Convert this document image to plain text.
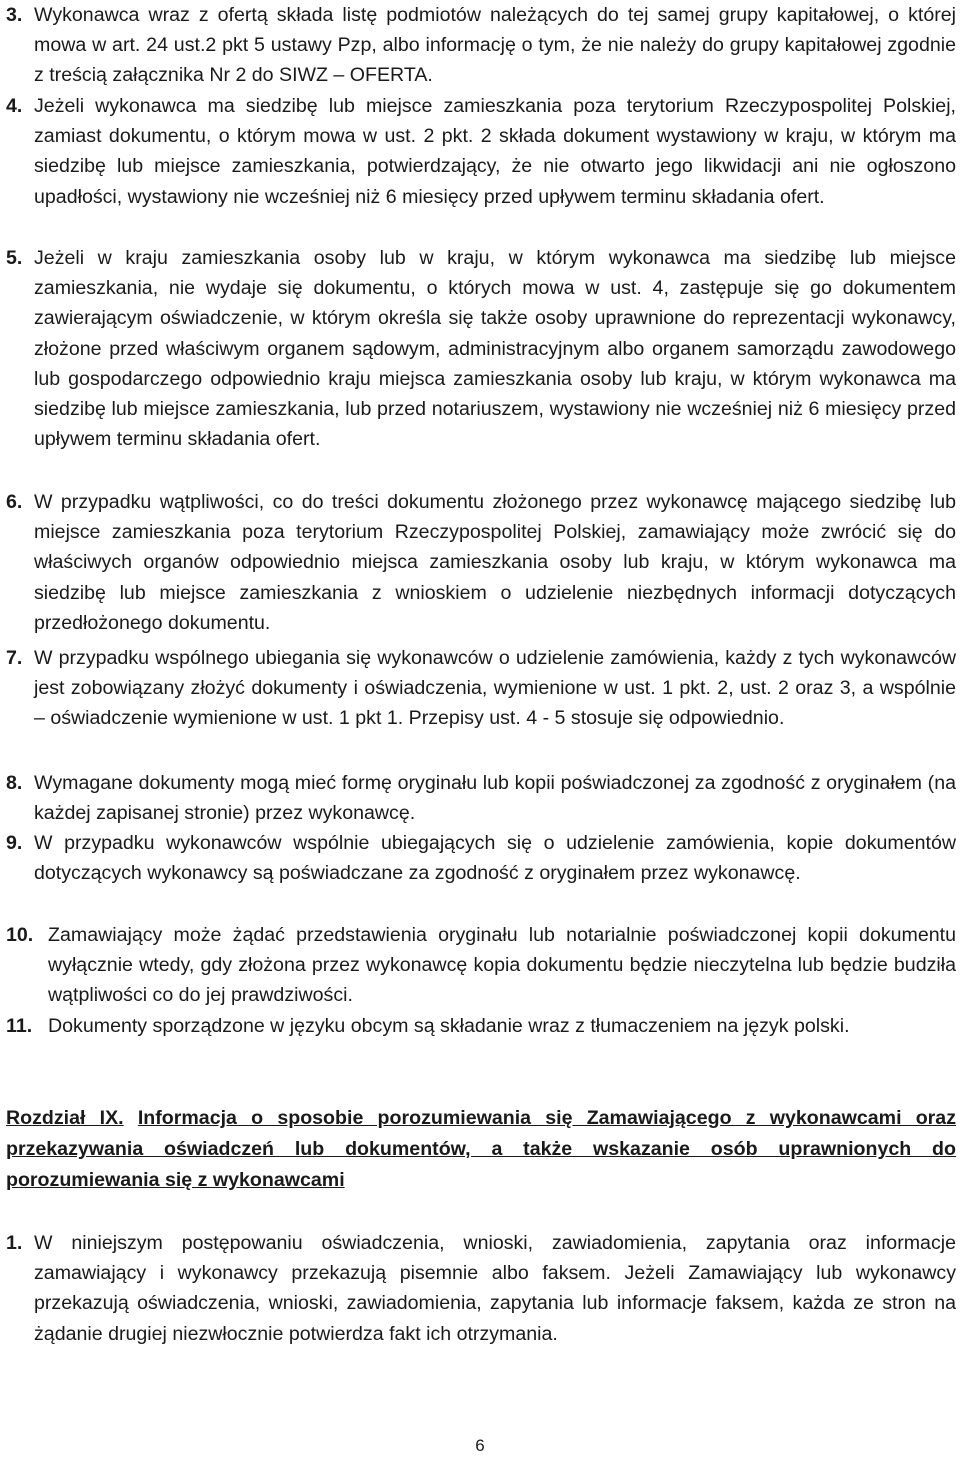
3. Wykonawca wraz z ofertą składa listę podmiotów należących do tej samej grupy kapitałowej, o której mowa w art. 24 ust.2 pkt 5 ustawy Pzp, albo informację o tym, że nie należy do grupy kapitałowej zgodnie z treścią załącznika Nr 2 do SIWZ – OFERTA.
4. Jeżeli wykonawca ma siedzibę lub miejsce zamieszkania poza terytorium Rzeczypospolitej Polskiej, zamiast dokumentu, o którym mowa w ust. 2 pkt. 2 składa dokument wystawiony w kraju, w którym ma siedzibę lub miejsce zamieszkania, potwierdzający, że nie otwarto jego likwidacji ani nie ogłoszono upadłości, wystawiony nie wcześniej niż 6 miesięcy przed upływem terminu składania ofert.
5. Jeżeli w kraju zamieszkania osoby lub w kraju, w którym wykonawca ma siedzibę lub miejsce zamieszkania, nie wydaje się dokumentu, o których mowa w ust. 4, zastępuje się go dokumentem zawierającym oświadczenie, w którym określa się także osoby uprawnione do reprezentacji wykonawcy, złożone przed właściwym organem sądowym, administracyjnym albo organem samorządu zawodowego lub gospodarczego odpowiednio kraju miejsca zamieszkania osoby lub kraju, w którym wykonawca ma siedzibę lub miejsce zamieszkania, lub przed notariuszem, wystawiony nie wcześniej niż 6 miesięcy przed upływem terminu składania ofert.
6. W przypadku wątpliwości, co do treści dokumentu złożonego przez wykonawcę mającego siedzibę lub miejsce zamieszkania poza terytorium Rzeczypospolitej Polskiej, zamawiający może zwrócić się do właściwych organów odpowiednio miejsca zamieszkania osoby lub kraju, w którym wykonawca ma siedzibę lub miejsce zamieszkania z wnioskiem o udzielenie niezbędnych informacji dotyczących przedłożonego dokumentu.
7. W przypadku wspólnego ubiegania się wykonawców o udzielenie zamówienia, każdy z tych wykonawców jest zobowiązany złożyć dokumenty i oświadczenia, wymienione w ust. 1 pkt. 2, ust. 2 oraz 3, a wspólnie – oświadczenie wymienione w ust. 1 pkt 1. Przepisy ust. 4 - 5 stosuje się odpowiednio.
8. Wymagane dokumenty mogą mieć formę oryginału lub kopii poświadczonej za zgodność z oryginałem (na każdej zapisanej stronie) przez wykonawcę.
9. W przypadku wykonawców wspólnie ubiegających się o udzielenie zamówienia, kopie dokumentów dotyczących wykonawcy są poświadczane za zgodność z oryginałem przez wykonawcę.
10. Zamawiający może żądać przedstawienia oryginału lub notarialnie poświadczonej kopii dokumentu wyłącznie wtedy, gdy złożona przez wykonawcę kopia dokumentu będzie nieczytelna lub będzie budziła wątpliwości co do jej prawdziwości.
11. Dokumenty sporządzone w języku obcym są składanie wraz z tłumaczeniem na język polski.
Rozdział IX. Informacja o sposobie porozumiewania się Zamawiającego z wykonawcami oraz przekazywania oświadczeń lub dokumentów, a także wskazanie osób uprawnionych do porozumiewania się z wykonawcami
1. W niniejszym postępowaniu oświadczenia, wnioski, zawiadomienia, zapytania oraz informacje zamawiający i wykonawcy przekazują pisemnie albo faksem. Jeżeli Zamawiający lub wykonawcy przekazują oświadczenia, wnioski, zawiadomienia, zapytania lub informacje faksem, każda ze stron na żądanie drugiej niezwłocznie potwierdza fakt ich otrzymania.
6
